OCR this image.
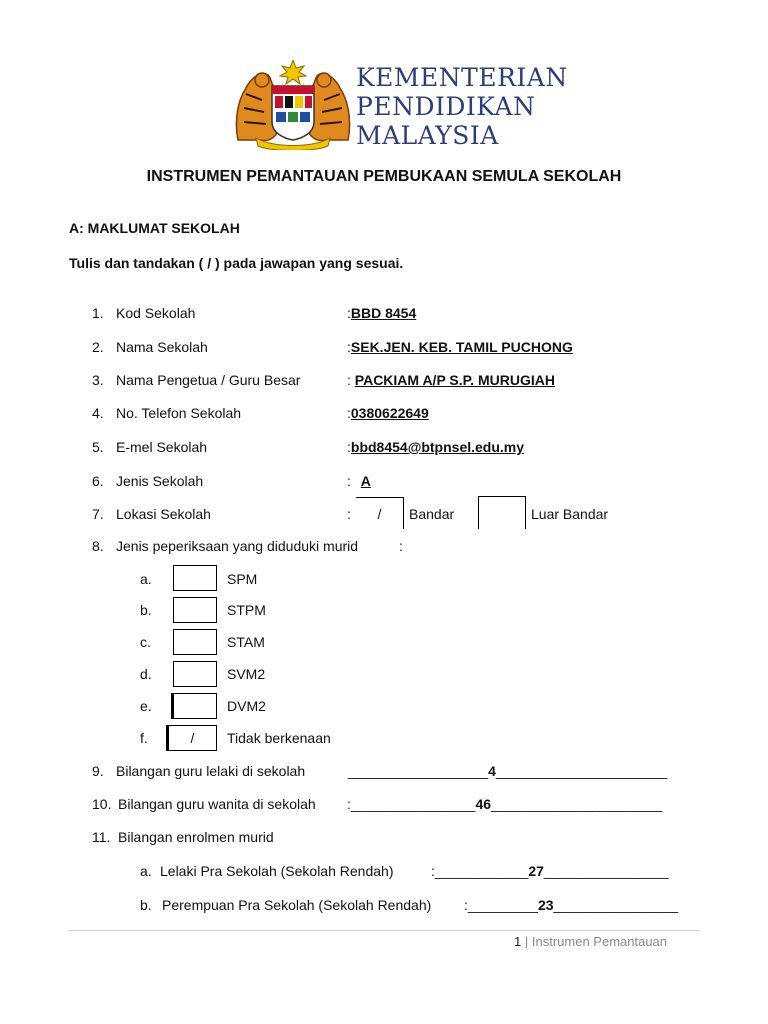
KEMENTERIAN
PENDIDIKAN
MALAYSIA
INSTRUMEN PEMANTAUAN PEMBUKAAN SEMULA SEKOLAH
A: MAKLUMAT SEKOLAH
Tulis dan tandakan ( / ) pada jawapan yang sesuai.
1. Kod Sekolah	:BBD 8454
2. Nama Sekolah	:SEK.JEN. KEB. TAMIL PUCHONG
3. Nama Pengetua / Guru Besar	: PACKIAM A/P S.P. MURUGIAH
4. No. Telefon Sekolah	:0380622649
5. E-mel Sekolah	:bbd8454@btpnsel.edu.my
6. Jenis Sekolah	: A
7. Lokasi Sekolah	:	/	Bandar	Luar Bandar
8. Jenis peperiksaan yang diduduki murid	:
a.	SPM
b.	STPM
c.	STAM
d.	SVM2
e.	DVM2
f.	/	Tidak berkenaan
9. Bilangan guru lelaki di sekolah	__________________4______________________
10. Bilangan guru wanita di sekolah :________________46______________________
11. Bilangan enrolmen murid
a. Lelaki Pra Sekolah (Sekolah Rendah)	:____________27________________
b. Perempuan Pra Sekolah (Sekolah Rendah) :_________23________________
1 | Instrumen Pemantauan
